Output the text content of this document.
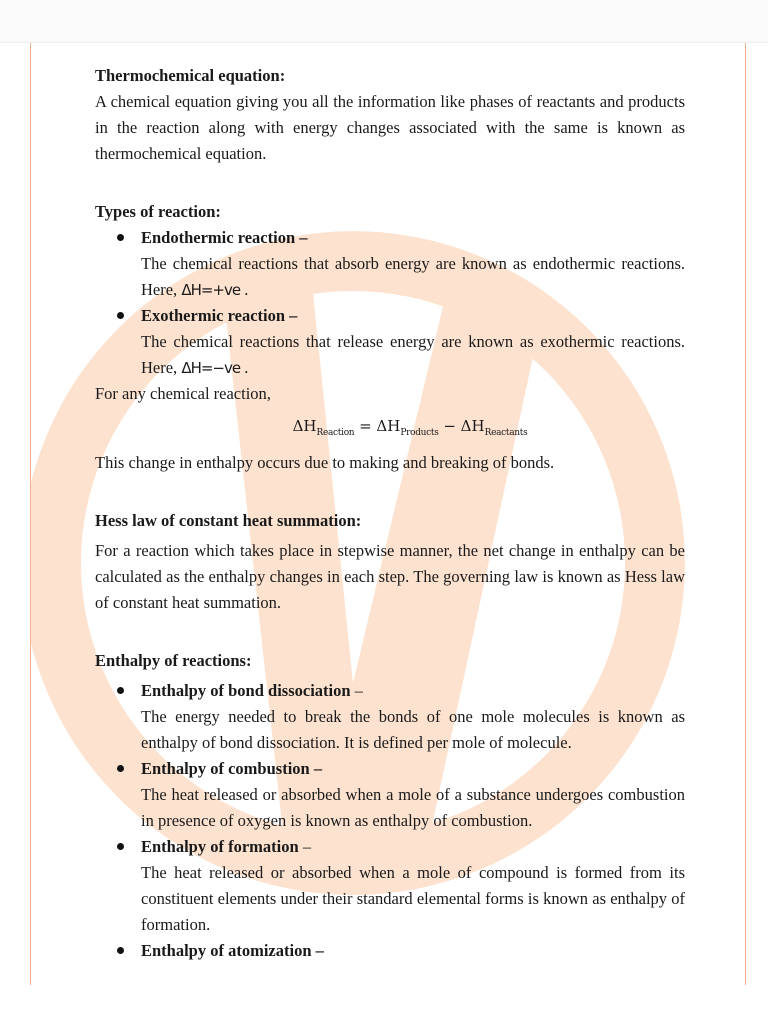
Thermochemical equation:

A chemical equation giving you all the information like phases of reactants and products in the reaction along with energy changes associated with the same is known as thermochemical equation.

Types of reaction:

Endothermic reaction –

The chemical reactions that absorb energy are known as endothermic reactions. Here, ΔH=+ve .

Exothermic reaction –

The chemical reactions that release energy are known as exothermic reactions. Here, ΔH=−ve .

For any chemical reaction,

$\Delta H_{Reaction} = \Delta H_{Products} - \Delta H_{Reactants}$

This change in enthalpy occurs due to making and breaking of bonds.

Hess law of constant heat summation:

For a reaction which takes place in stepwise manner, the net change in enthalpy can be calculated as the enthalpy changes in each step. The governing law is known as Hess law of constant heat summation.

Enthalpy of reactions:

Enthalpy of bond dissociation –

The energy needed to break the bonds of one mole molecules is known as enthalpy of bond dissociation. It is defined per mole of molecule.

Enthalpy of combustion –

The heat released or absorbed when a mole of a substance undergoes combustion in presence of oxygen is known as enthalpy of combustion.

Enthalpy of formation –

The heat released or absorbed when a mole of compound is formed from its constituent elements under their standard elemental forms is known as enthalpy of formation.

Enthalpy of atomization –
